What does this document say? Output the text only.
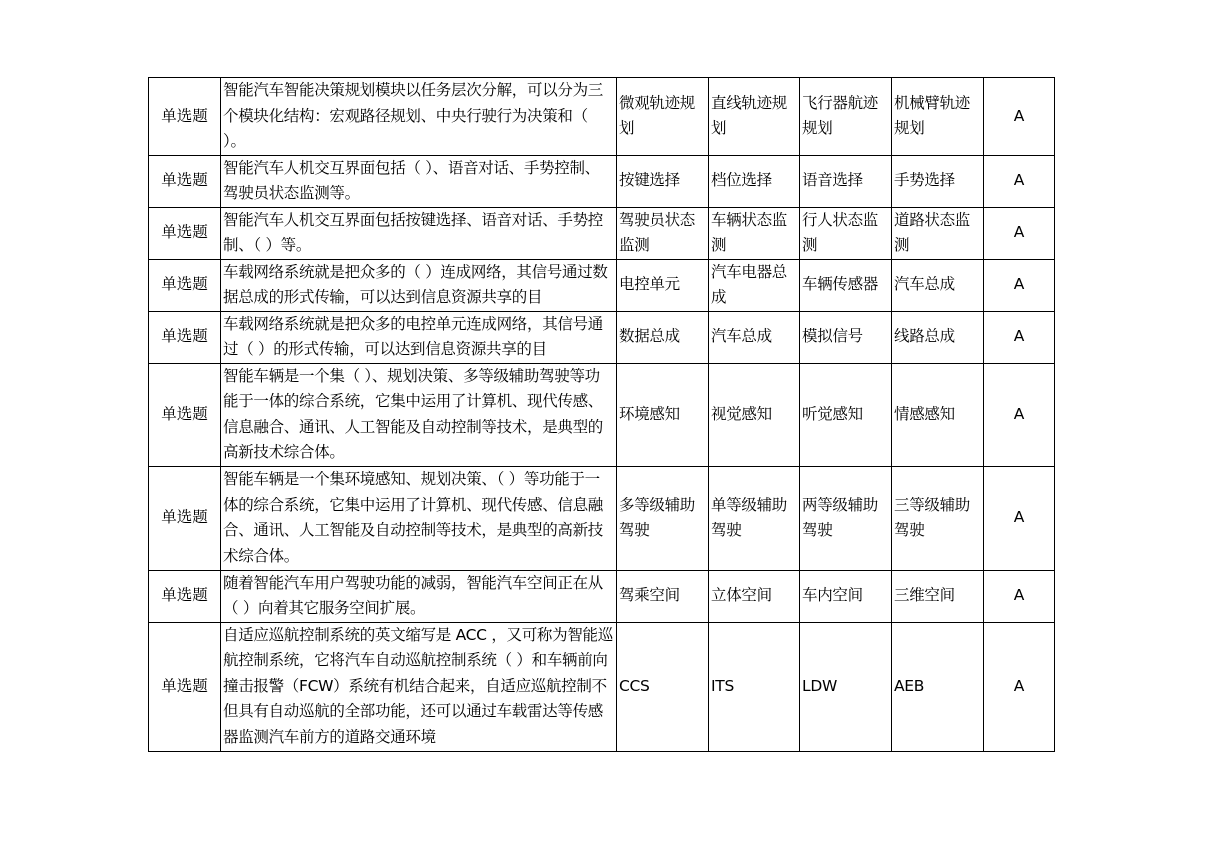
单选题	智能汽车智能决策规划模块以任务层次分解，可以分为三个模块化结构：宏观路径规划、中央行驶行为决策和（ ）。	微观轨迹规划	直线轨迹规划	飞行器航迹规划	机械臂轨迹规划	A
单选题	智能汽车人机交互界面包括（ ）、语音对话、手势控制、驾驶员状态监测等。	按键选择	档位选择	语音选择	手势选择	A
单选题	智能汽车人机交互界面包括按键选择、语音对话、手势控制、（ ）等。	驾驶员状态监测	车辆状态监测	行人状态监测	道路状态监测	A
单选题	车载网络系统就是把众多的（ ）连成网络，其信号通过数据总成的形式传输，可以达到信息资源共享的目	电控单元	汽车电器总成	车辆传感器	汽车总成	A
单选题	车载网络系统就是把众多的电控单元连成网络，其信号通过（ ）的形式传输，可以达到信息资源共享的目	数据总成	汽车总成	模拟信号	线路总成	A
单选题	智能车辆是一个集（ ）、规划决策、多等级辅助驾驶等功能于一体的综合系统，它集中运用了计算机、现代传感、信息融合、通讯、人工智能及自动控制等技术，是典型的高新技术综合体。	环境感知	视觉感知	听觉感知	情感感知	A
单选题	智能车辆是一个集环境感知、规划决策、（ ）等功能于一体的综合系统，它集中运用了计算机、现代传感、信息融合、通讯、人工智能及自动控制等技术，是典型的高新技术综合体。	多等级辅助驾驶	单等级辅助驾驶	两等级辅助驾驶	三等级辅助驾驶	A
单选题	随着智能汽车用户驾驶功能的减弱，智能汽车空间正在从（ ）向着其它服务空间扩展。	驾乘空间	立体空间	车内空间	三维空间	A
单选题	自适应巡航控制系统的英文缩写是 ACC ，又可称为智能巡航控制系统，它将汽车自动巡航控制系统（ ）和车辆前向撞击报警（FCW）系统有机结合起来，自适应巡航控制不但具有自动巡航的全部功能，还可以通过车载雷达等传感器监测汽车前方的道路交通环境	CCS	ITS	LDW	AEB	A
